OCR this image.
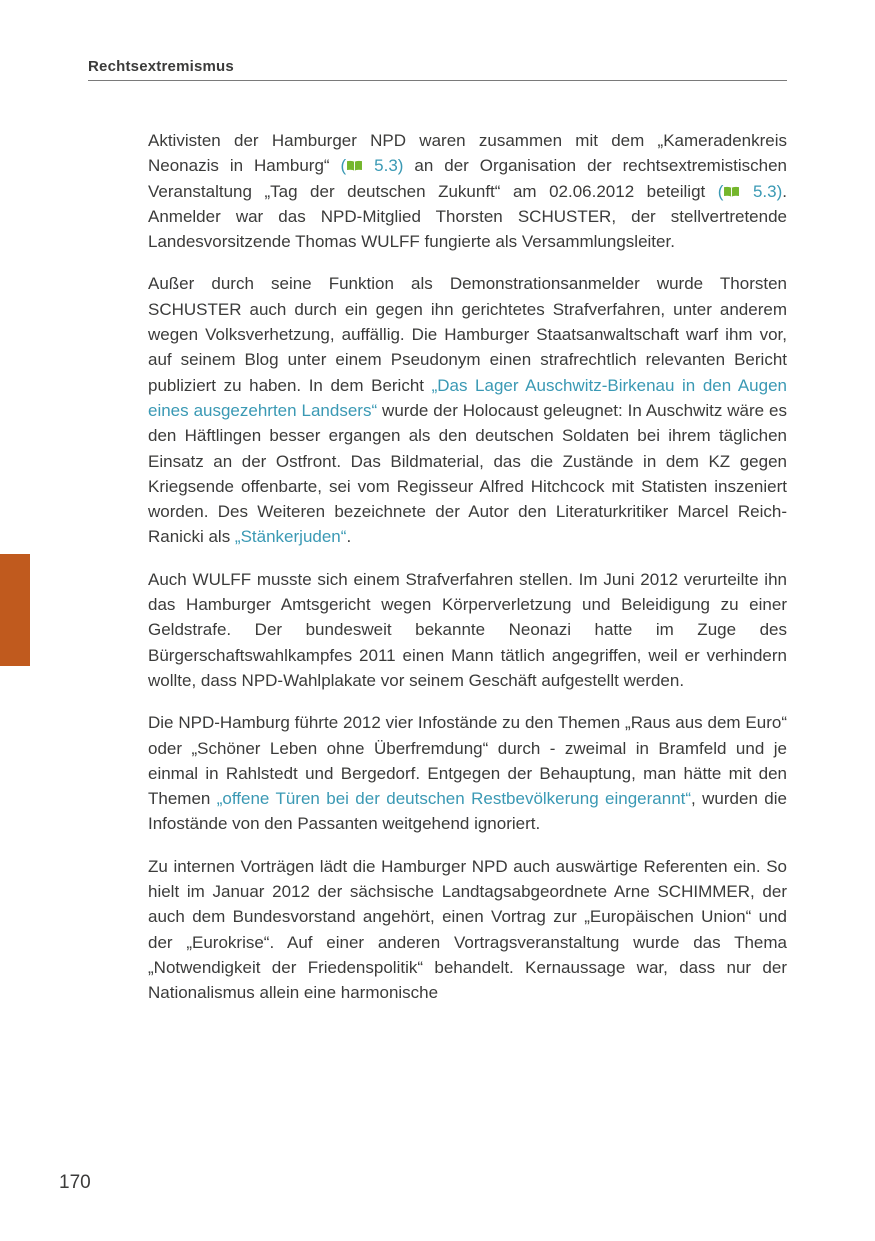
Rechtsextremismus

Aktivisten der Hamburger NPD waren zusammen mit dem „Kameradenkreis Neonazis in Hamburg“ ( 5.3) an der Organisation der rechtsextremistischen Veranstaltung „Tag der deutschen Zukunft“ am 02.06.2012 beteiligt ( 5.3). Anmelder war das NPD-Mitglied Thorsten SCHUSTER, der stellvertretende Landesvorsitzende Thomas WULFF fungierte als Versammlungsleiter.

Außer durch seine Funktion als Demonstrationsanmelder wurde Thorsten SCHUSTER auch durch ein gegen ihn gerichtetes Strafverfahren, unter anderem wegen Volksverhetzung, auffällig. Die Hamburger Staatsanwaltschaft warf ihm vor, auf seinem Blog unter einem Pseudonym einen strafrechtlich relevanten Bericht publiziert zu haben. In dem Bericht „Das Lager Auschwitz-Birkenau in den Augen eines ausgezehrten Landsers“ wurde der Holocaust geleugnet: In Auschwitz wäre es den Häftlingen besser ergangen als den deutschen Soldaten bei ihrem täglichen Einsatz an der Ostfront. Das Bildmaterial, das die Zustände in dem KZ gegen Kriegsende offenbarte, sei vom Regisseur Alfred Hitchcock mit Statisten inszeniert worden. Des Weiteren bezeichnete der Autor den Literaturkritiker Marcel Reich-Ranicki als „Stänkerjuden“.

Auch WULFF musste sich einem Strafverfahren stellen. Im Juni 2012 verurteilte ihn das Hamburger Amtsgericht wegen Körperverletzung und Beleidigung zu einer Geldstrafe. Der bundesweit bekannte Neonazi hatte im Zuge des Bürgerschaftswahlkampfes 2011 einen Mann tätlich angegriffen, weil er verhindern wollte, dass NPD-Wahlplakate vor seinem Geschäft aufgestellt werden.

Die NPD-Hamburg führte 2012 vier Infostände zu den Themen „Raus aus dem Euro“ oder „Schöner Leben ohne Überfremdung“ durch - zweimal in Bramfeld und je einmal in Rahlstedt und Bergedorf. Entgegen der Behauptung, man hätte mit den Themen „offene Türen bei der deutschen Restbevölkerung eingerannt“, wurden die Infostände von den Passanten weitgehend ignoriert.

Zu internen Vorträgen lädt die Hamburger NPD auch auswärtige Referenten ein. So hielt im Januar 2012 der sächsische Landtagsabgeordnete Arne SCHIMMER, der auch dem Bundesvorstand angehört, einen Vortrag zur „Europäischen Union“ und der „Eurokrise“. Auf einer anderen Vortragsveranstaltung wurde das Thema „Notwendigkeit der Friedenspolitik“ behandelt. Kernaussage war, dass nur der Nationalismus allein eine harmonische

170
